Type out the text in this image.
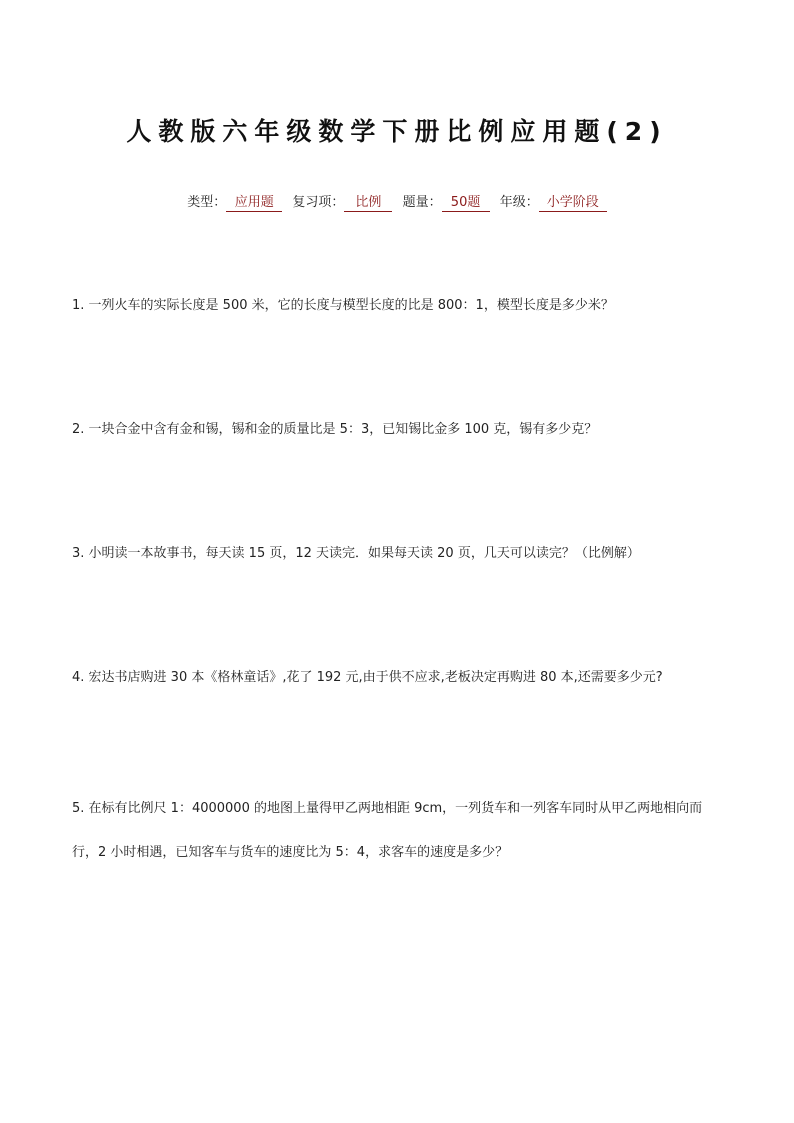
人教版六年级数学下册比例应用题(2)
类型： 应用题 复习项： 比例 题量： 50题 年级： 小学阶段
1. 一列火车的实际长度是 500 米，它的长度与模型长度的比是 800：1，模型长度是多少米？
2. 一块合金中含有金和锡，锡和金的质量比是 5：3，已知锡比金多 100 克，锡有多少克？
3. 小明读一本故事书，每天读 15 页，12 天读完．如果每天读 20 页，几天可以读完？（比例解）
4. 宏达书店购进 30 本《格林童话》,花了 192 元,由于供不应求,老板决定再购进 80 本,还需要多少元?
5. 在标有比例尺 1：4000000 的地图上量得甲乙两地相距 9cm，一列货车和一列客车同时从甲乙两地相向而行，2 小时相遇，已知客车与货车的速度比为 5：4，求客车的速度是多少？
